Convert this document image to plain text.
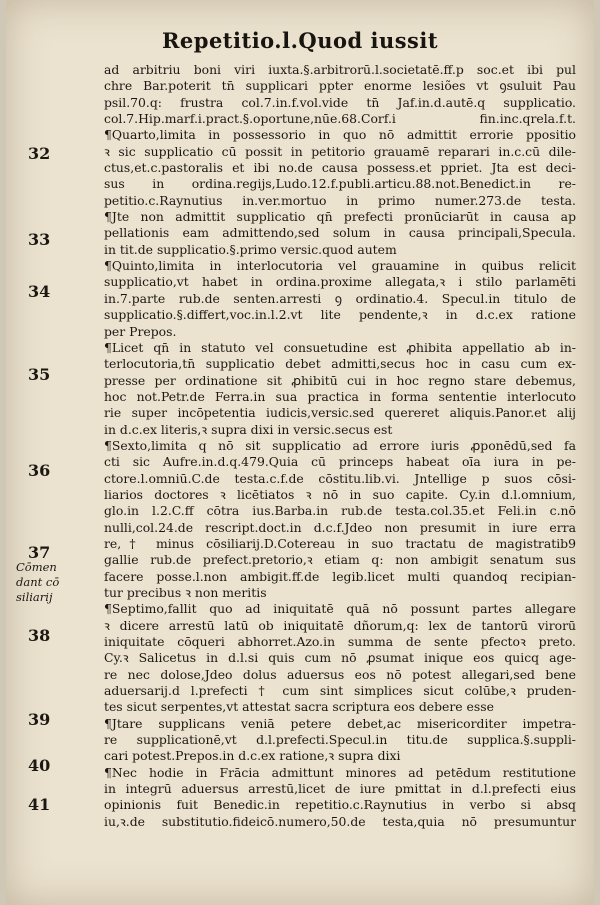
Repetitio.l.Quod iussit
ad arbitriu boni viri iuxta.§.arbitrorū.l.societatē.ff.p soc.et ibi pul
chre Bar.poterit tn̄ supplicari ppter enorme lesiões vt ꝯsuluit Pau
psil.70.q: frustra col.7.in.f.vol.vide tn̄ Jaf.in.d.autē.q supplicatio.
col.7.Hip.marf.i.pract.§.oportune,nūe.68.Corf.i fin.inc.qrela.f.t.
¶Quarto,limita in possessorio in quo nō admittit errorie ppositio
ꝛ sic supplicatio cū possit in petitorio grauamē reparari in.c.cū dile-
ctus,et.c.pastoralis et ibi no.de causa possess.et ppriet. Jta est deci-
sus in ordina.regijs,Ludo.12.f.publi.articu.88.not.Benedict.in re-
petitio.c.Raynutius in.ver.mortuo in primo numer.273.de testa.
¶Jte non admittit supplicatio qn̄ prefecti pronūciarūt in causa ap
pellationis eam admittendo,sed solum in causa principali,Specula.
in tit.de supplicatio.§.primo versic.quod autem
¶Quinto,limita in interlocutoria vel grauamine in quibus relicit
supplicatio,vt habet in ordina.proxime allegata,ꝛ i stilo parlamēti
in.7.parte rub.de senten.arresti ꝯ ordinatio.4. Specul.in titulo de
supplicatio.§.differt,voc.in.l.2.vt lite pendente,ꝛ in d.c.ex ratione
per Prepos.
¶Licet qn̄ in statuto vel consuetudine est ꝓhibita appellatio ab in-
terlocutoria,tn̄ supplicatio debet admitti,secus hoc in casu cum ex-
presse per ordinatione sit ꝓhibitū cui in hoc regno stare debemus,
hoc not.Petr.de Ferra.in sua practica in forma sententie interlocuto
rie super incōpetentia iudicis,versic.sed quereret aliquis.Panor.et alij
in d.c.ex literis,ꝛ supra dixi in versic.secus est
¶Sexto,limita q nō sit supplicatio ad errore iuris ꝓponēdū,sed fa
cti sic Aufre.in.d.q.479.Quia cū princeps habeat oīa iura in pe-
ctore.l.omniū.C.de testa.c.f.de cōstitu.lib.vi. Jntellige p suos cōsi-
liarios doctores ꝛ licētiatos ꝛ nō in suo capite. Cy.in d.l.omnium,
glo.in l.2.C.ff cōtra ius.Barba.in rub.de testa.col.35.et Feli.in c.nō
nulli,col.24.de rescript.doct.in d.c.f.Jdeo non presumit in iure erra
re,† minus cōsiliarij.D.Cotereau in suo tractatu de magistratib9
gallie rub.de prefect.pretorio,ꝛ etiam q: non ambigit senatum sus
facere posse.l.non ambigit.ff.de legib.licet multi quandoq recipian-
tur precibus ꝛ non meritis
¶Septimo,fallit quo ad iniquitatē quā nō possunt partes allegare
ꝛ dicere arrestū latū ob iniquitatē dñorum,q: lex de tantorū virorū
iniquitate cōqueri abhorret.Azo.in summa de sente pfectoꝛ preto.
Cy.ꝛ Salicetus in d.l.si quis cum nō ꝓsumat inique eos quicq age-
re nec dolose,Jdeo dolus aduersus eos nō potest allegari,sed bene
aduersarij.d l.prefecti † cum sint simplices sicut colūbe,ꝛ pruden-
tes sicut serpentes,vt attestat sacra scriptura eos debere esse
¶Jtare supplicans veniā petere debet,ac misericorditer impetra-
re supplicationē,vt d.l.prefecti.Specul.in titu.de supplica.§.suppli-
cari potest.Prepos.in d.c.ex ratione,ꝛ supra dixi
¶Nec hodie in Frācia admittunt minores ad petēdum restitutione
in integrū aduersus arrestū,licet de iure pmittat in d.l.prefecti eius
opinionis fuit Benedic.in repetitio.c.Raynutius in verbo si absq
iu,ꝛ.de substitutio.fideicō.numero,50.de testa,quia nō presumuntur
32
33
34
35
36
37
38
39
40
41
Cōmen
dant cō
siliarij
